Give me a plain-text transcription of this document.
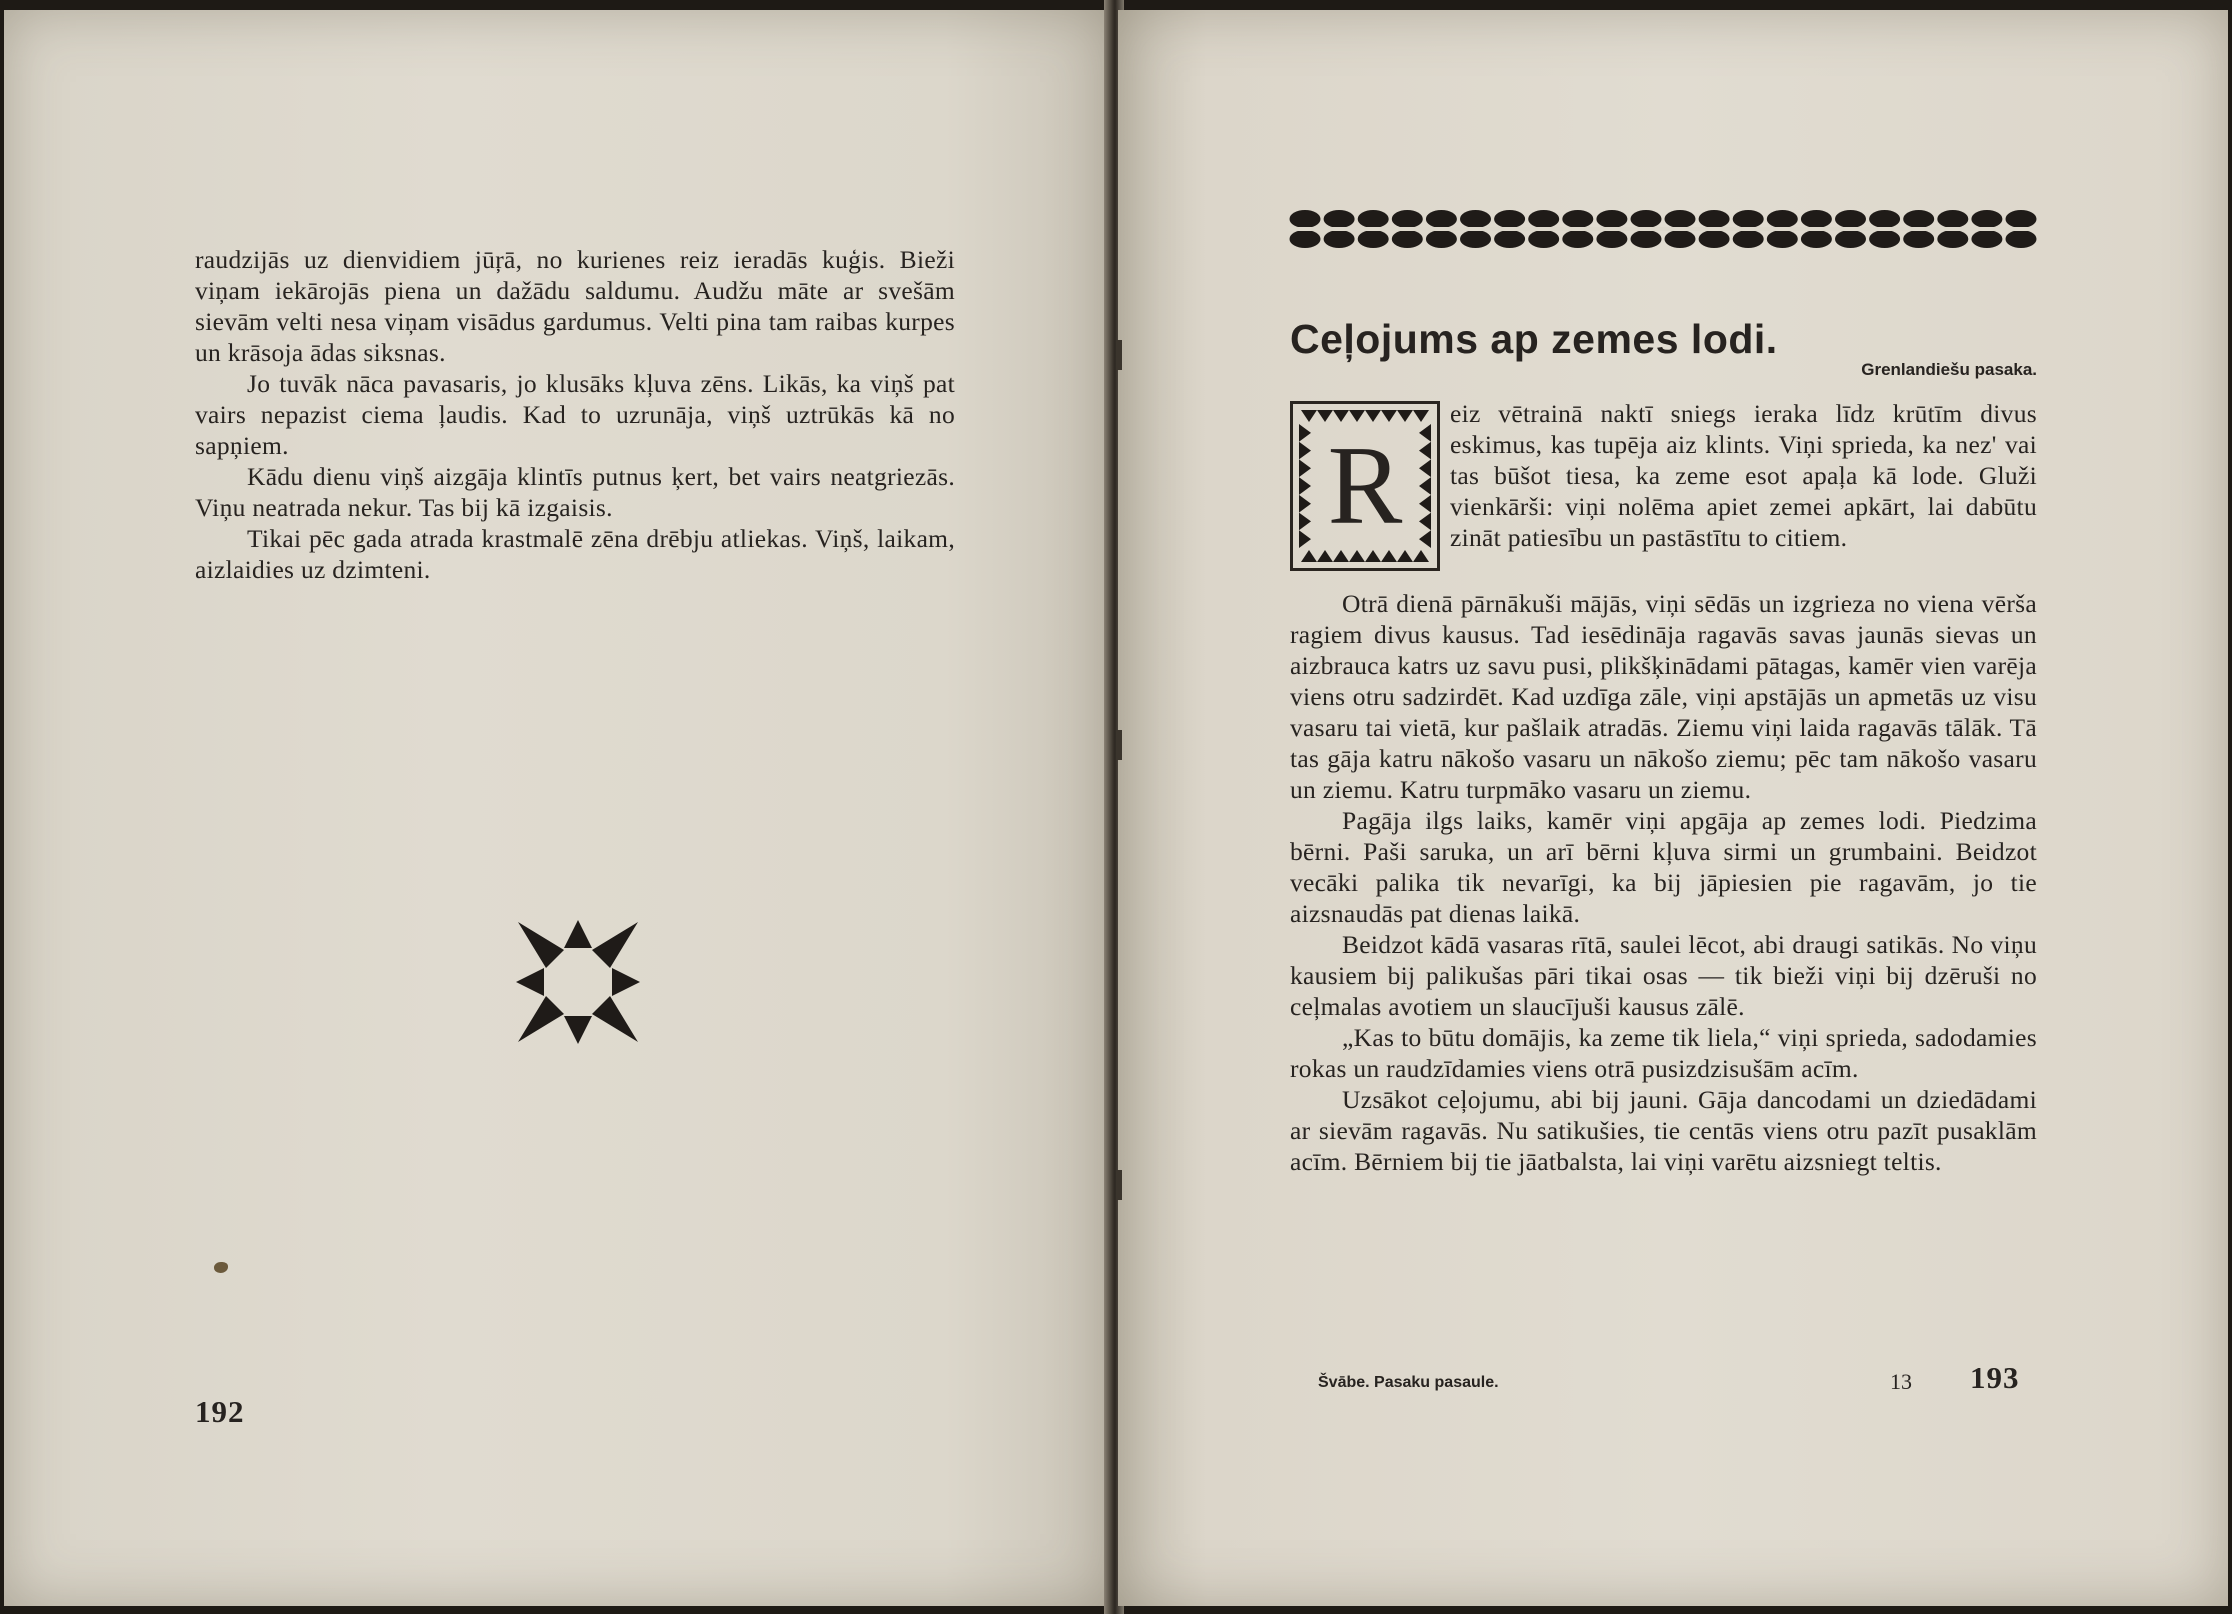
raudzijās uz dienvidiem jūŗā, no kurienes reiz ieradās kuģis. Bieži viņam iekārojās piena un dažādu saldumu. Audžu māte ar svešām sievām velti nesa viņam visādus gardumus. Velti pina tam raibas kurpes un krāsoja ādas siksnas.

Jo tuvāk nāca pavasaris, jo klusāks kļuva zēns. Likās, ka viņš pat vairs nepazist ciema ļaudis. Kad to uzrunāja, viņš uztrūkās kā no sapņiem.

Kādu dienu viņš aizgāja klintīs putnus ķert, bet vairs neatgriezās. Viņu neatrada nekur. Tas bij kā izgaisis.

Tikai pēc gada atrada krastmalē zēna drēbju atliekas. Viņš, laikam, aizlaidies uz dzimteni.

192
Ceļojums ap zemes lodi.
Grenlandiešu pasaka.
R

eiz vētrainā naktī sniegs ieraka līdz krūtīm divus eskimus, kas tupēja aiz klints. Viņi sprieda, ka nez' vai tas būšot tiesa, ka zeme esot apaļa kā lode. Gluži vienkārši: viņi nolēma apiet zemei apkārt, lai dabūtu zināt patiesību un pastāstītu to citiem.

Otrā dienā pārnākuši mājās, viņi sēdās un izgrieza no viena vērša ragiem divus kausus. Tad iesēdināja ragavās savas jaunās sievas un aizbrauca katrs uz savu pusi, plikšķinādami pātagas, kamēr vien varēja viens otru sadzirdēt. Kad uzdīga zāle, viņi apstājās un apmetās uz visu vasaru tai vietā, kur pašlaik atradās. Ziemu viņi laida ragavās tālāk. Tā tas gāja katru nākošo vasaru un nākošo ziemu; pēc tam nākošo vasaru un ziemu. Katru turpmāko vasaru un ziemu.

Pagāja ilgs laiks, kamēr viņi apgāja ap zemes lodi. Piedzima bērni. Paši saruka, un arī bērni kļuva sirmi un grumbaini. Beidzot vecāki palika tik nevarīgi, ka bij jāpiesien pie ragavām, jo tie aizsnaudās pat dienas laikā.

Beidzot kādā vasaras rītā, saulei lēcot, abi draugi satikās. No viņu kausiem bij palikušas pāri tikai osas — tik bieži viņi bij dzēruši no ceļmalas avotiem un slaucījuši kausus zālē.

„Kas to būtu domājis, ka zeme tik liela,“ viņi sprieda, sadodamies rokas un raudzīdamies viens otrā pusizdzisušām acīm.

Uzsākot ceļojumu, abi bij jauni. Gāja dancodami un dziedādami ar sievām ragavās. Nu satikušies, tie centās viens otru pazīt pusaklām acīm. Bērniem bij tie jāatbalsta, lai viņi varētu aizsniegt teltis.

Švābe. Pasaku pasaule.	13 193
